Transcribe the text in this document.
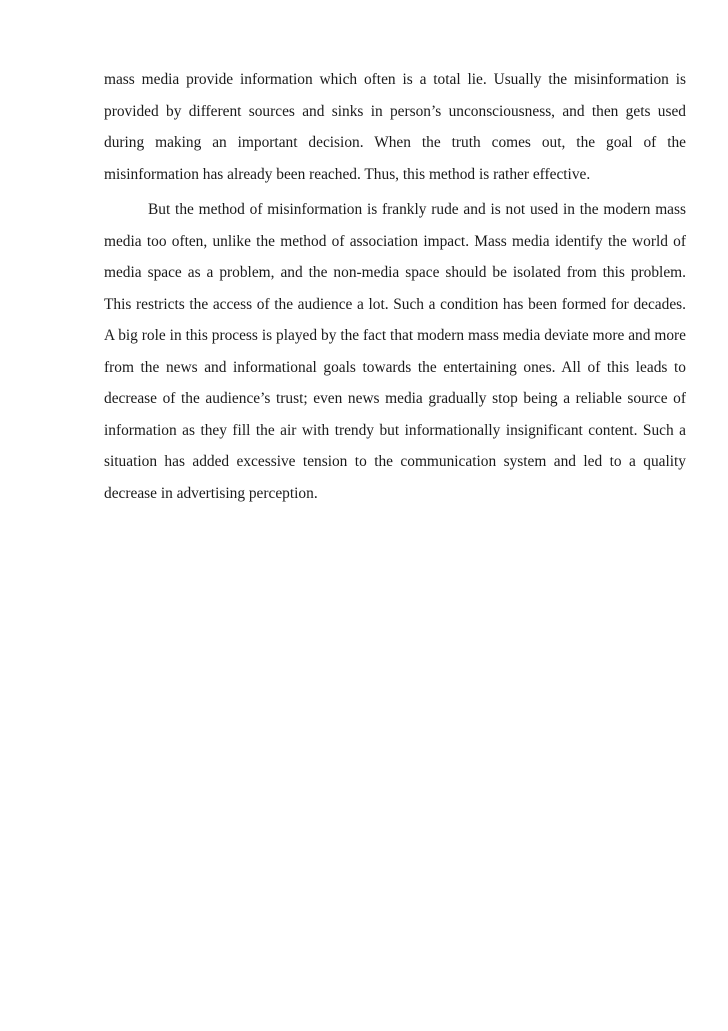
mass media provide information which often is a total lie. Usually the misinformation is provided by different sources and sinks in person’s unconsciousness, and then gets used during making an important decision. When the truth comes out, the goal of the misinformation has already been reached. Thus, this method is rather effective.

But the method of misinformation is frankly rude and is not used in the modern mass media too often, unlike the method of association impact. Mass media identify the world of media space as a problem, and the non-media space should be isolated from this problem. This restricts the access of the audience a lot. Such a condition has been formed for decades. A big role in this process is played by the fact that modern mass media deviate more and more from the news and informational goals towards the entertaining ones. All of this leads to decrease of the audience’s trust; even news media gradually stop being a reliable source of information as they fill the air with trendy but informationally insignificant content. Such a situation has added excessive tension to the communication system and led to a quality decrease in advertising perception.
